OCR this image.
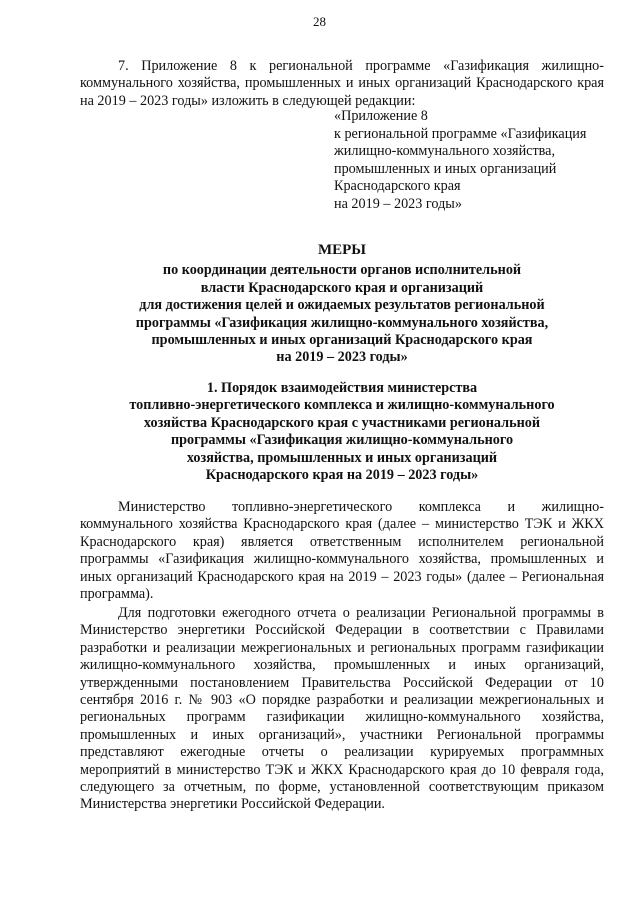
28

7. Приложение 8 к региональной программе «Газификация жилищно-коммунального хозяйства, промышленных и иных организаций Краснодарского края на 2019 – 2023 годы» изложить в следующей редакции:

«Приложение 8
к региональной программе «Газификация
жилищно-коммунального хозяйства,
промышленных и иных организаций
Краснодарского края
на 2019 – 2023 годы»
МЕРЫ
по координации деятельности органов исполнительной
власти Краснодарского края и организаций
для достижения целей и ожидаемых результатов региональной
программы «Газификация жилищно-коммунального хозяйства,
промышленных и иных организаций Краснодарского края
на 2019 – 2023 годы»
1. Порядок взаимодействия министерства
топливно-энергетического комплекса и жилищно-коммунального
хозяйства Краснодарского края с участниками региональной
программы «Газификация жилищно-коммунального
хозяйства, промышленных и иных организаций
Краснодарского края на 2019 – 2023 годы»

Министерство топливно-энергетического комплекса и жилищно-коммунального хозяйства Краснодарского края (далее – министерство ТЭК и ЖКХ Краснодарского края) является ответственным исполнителем региональной программы «Газификация жилищно-коммунального хозяйства, промышленных и иных организаций Краснодарского края на 2019 – 2023 годы» (далее – Региональная программа).

Для подготовки ежегодного отчета о реализации Региональной программы в Министерство энергетики Российской Федерации в соответствии с Правилами разработки и реализации межрегиональных и региональных программ газификации жилищно-коммунального хозяйства, промышленных и иных организаций, утвержденными постановлением Правительства Российской Федерации от 10 сентября 2016 г. № 903 «О порядке разработки и реализации межрегиональных и региональных программ газификации жилищно-коммунального хозяйства, промышленных и иных организаций», участники Региональной программы представляют ежегодные отчеты о реализации курируемых программных мероприятий в министерство ТЭК и ЖКХ Краснодарского края до 10 февраля года, следующего за отчетным, по форме, установленной соответствующим приказом Министерства энергетики Российской Федерации.
